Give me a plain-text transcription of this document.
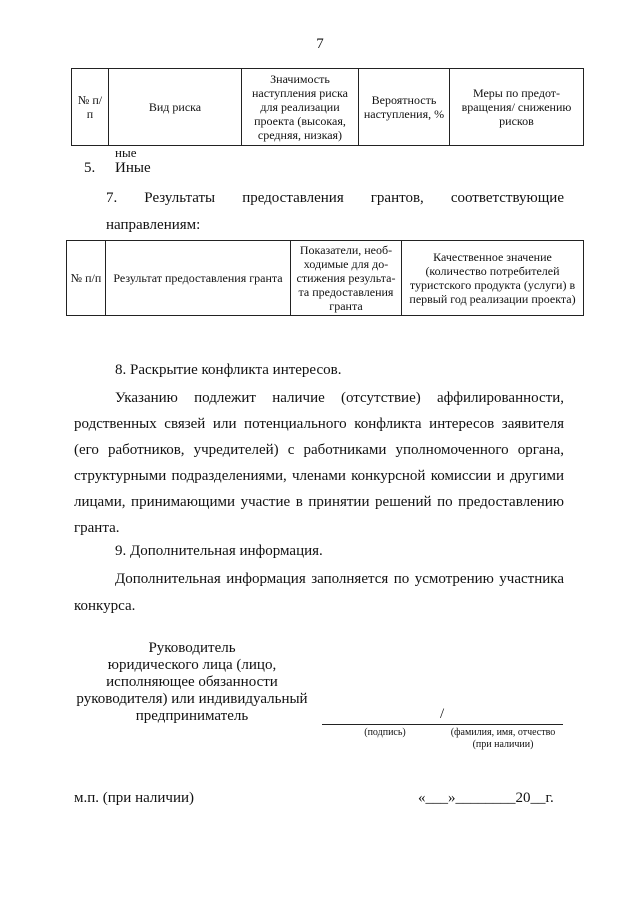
7
№ п/п	Вид риска	Значимость наступления риска для реализации проекта (высокая, средняя, низкая)	Вероятность наступления, %	Меры по предот-вращения/ снижению рисков
ные
5. Иные
7. Результаты предоставления грантов, соответствующие
направлениям:
№ п/п	Результат предоставления гранта	Показатели, необ-ходимые для до-стижения результа-та предоставления гранта	Качественное значение (количество потребителей туристского продукта (услуги) в первый год реализации проекта)
8. Раскрытие конфликта интересов.
Указанию подлежит наличие (отсутствие) аффилированности,
родственных связей или потенциального конфликта интересов заявителя
(его работников, учредителей) с работниками уполномоченного органа,
структурными подразделениями, членами конкурсной комиссии и другими
лицами, принимающими участие в принятии решений по предоставлению
гранта.
9. Дополнительная информация.
Дополнительная информация заполняется по усмотрению участника
конкурса.
Руководитель
юридического лица (лицо,
исполняющее обязанности
руководителя) или индивидуальный
предприниматель	/
(подпись)	(фамилия, имя, отчество
(при наличии)
м.п. (при наличии)	«___»________20__г.
